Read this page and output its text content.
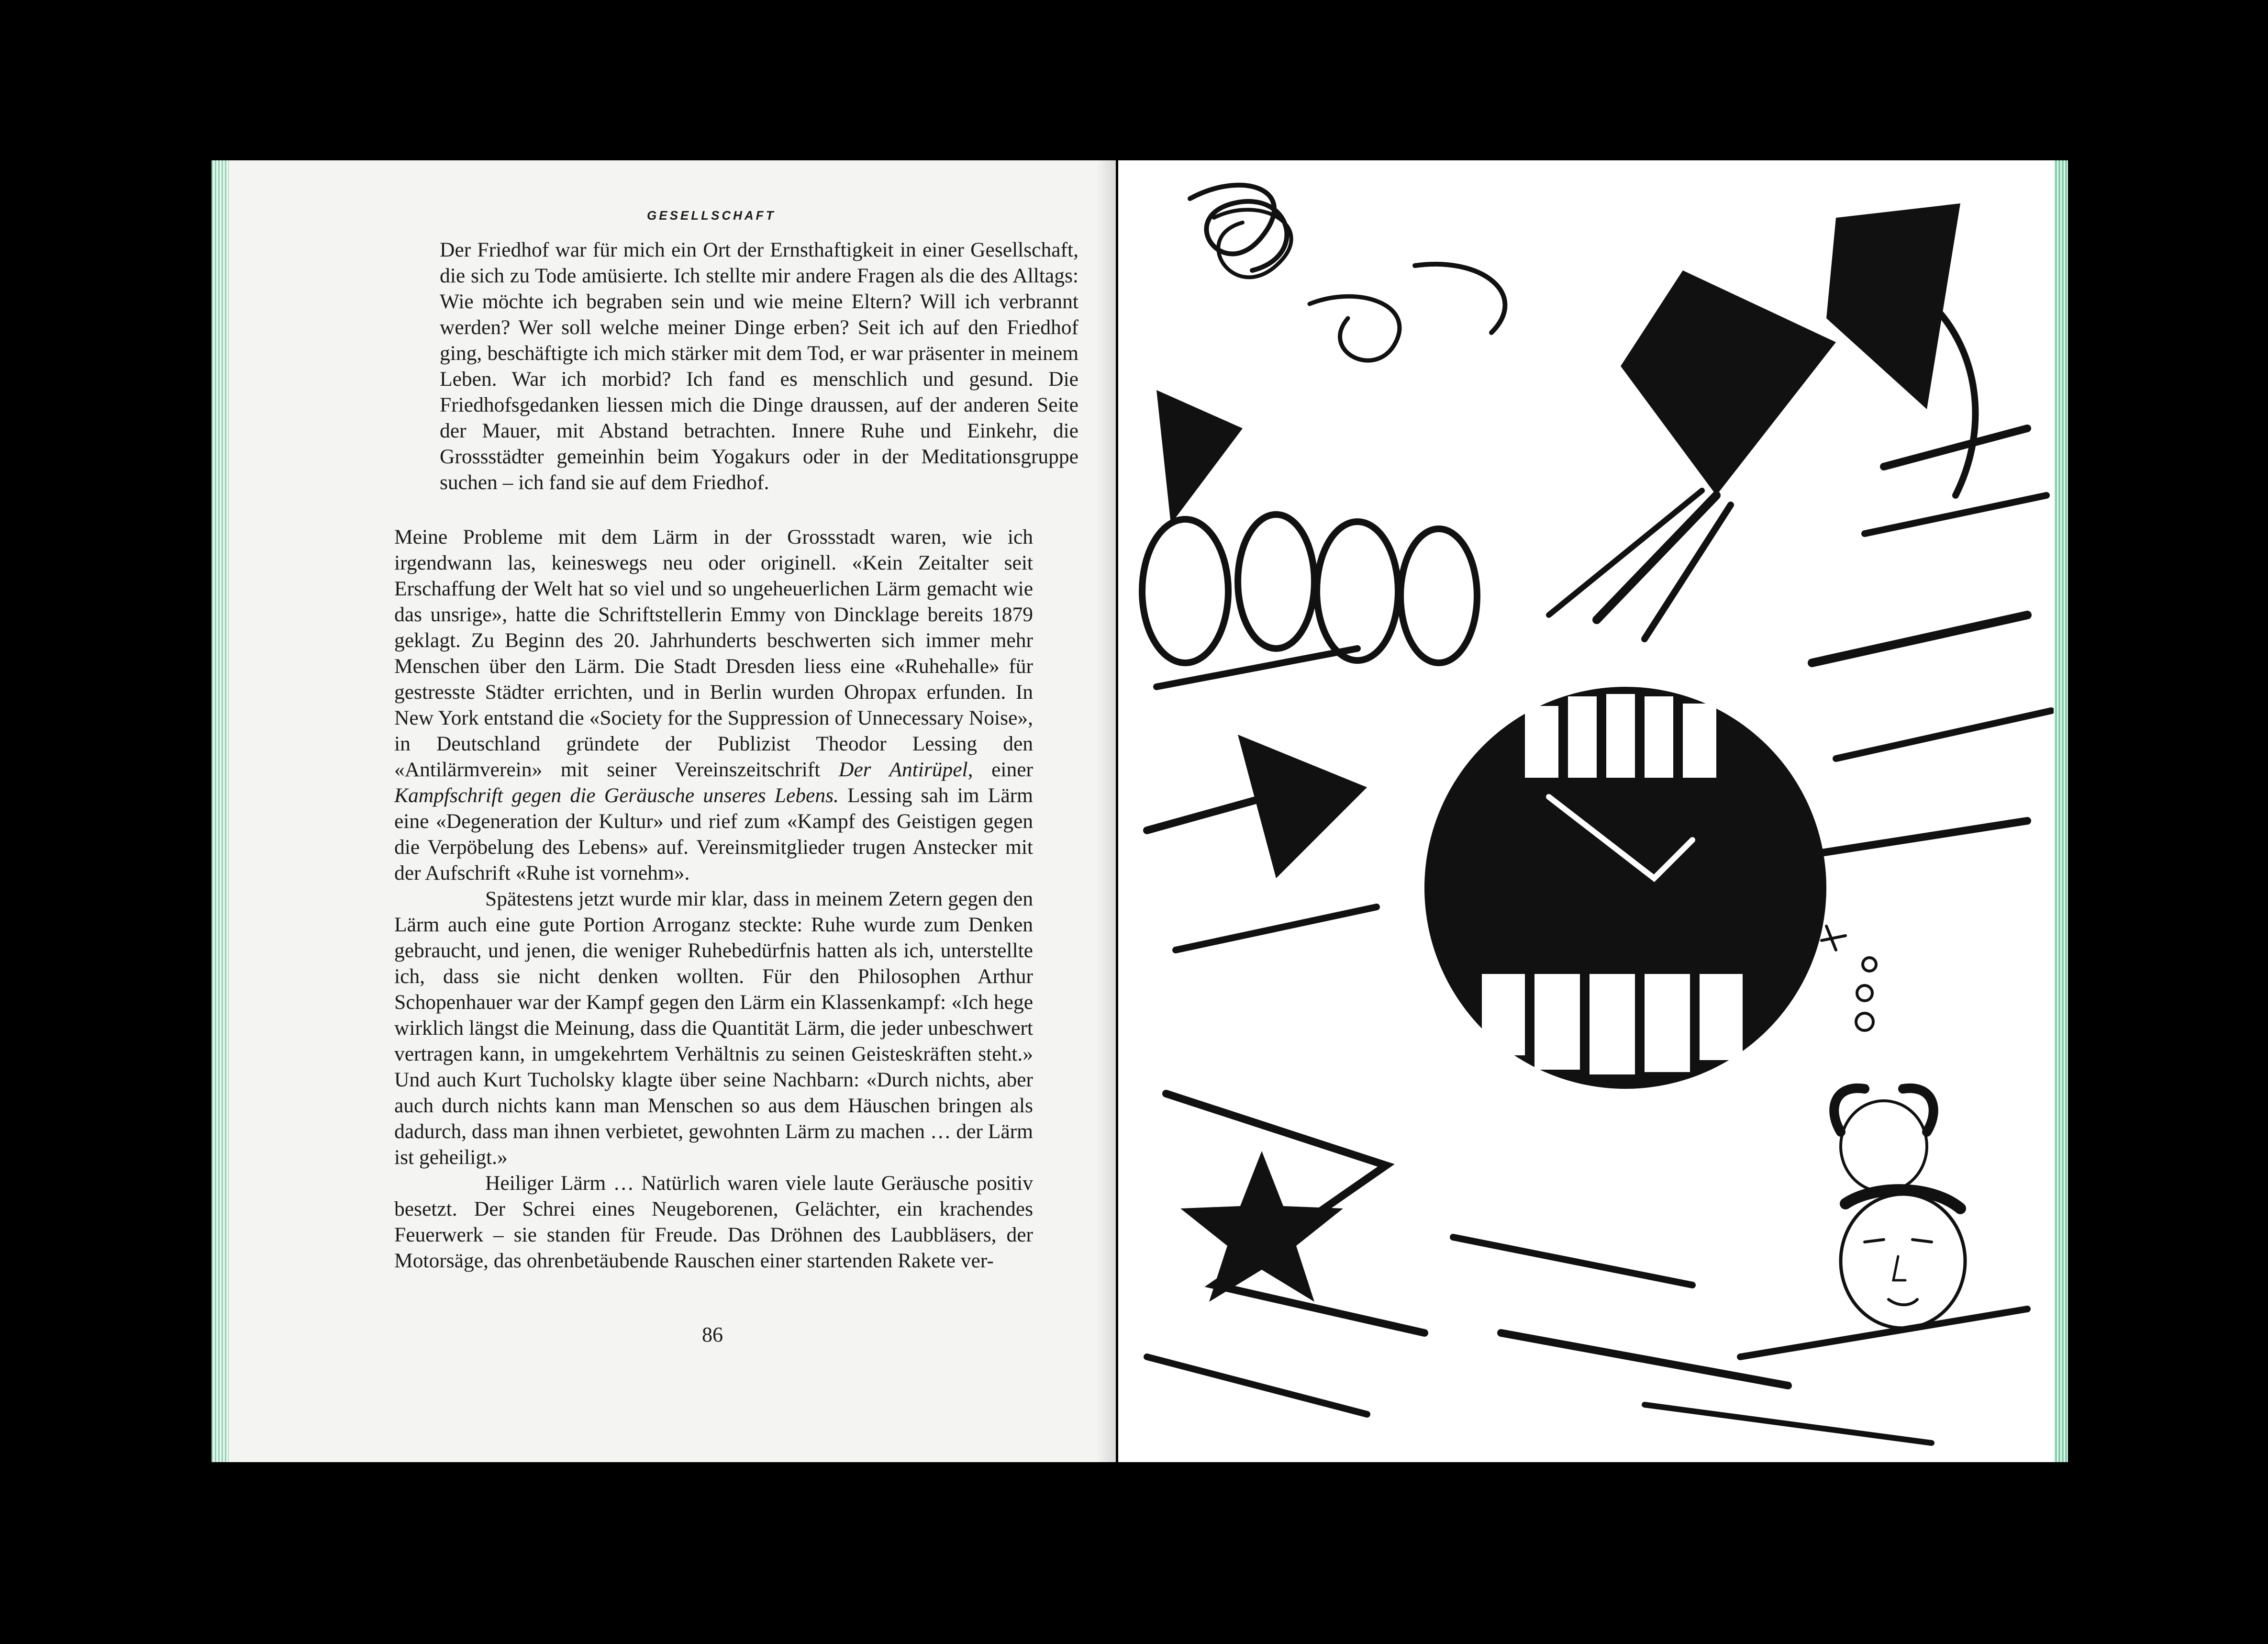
GESELLSCHAFT

Der Friedhof war für mich ein Ort der Ernsthaftigkeit in einer Gesellschaft, die sich zu Tode amüsierte. Ich stellte mir andere Fragen als die des Alltags: Wie möchte ich begraben sein und wie meine Eltern? Will ich verbrannt werden? Wer soll welche meiner Dinge erben? Seit ich auf den Friedhof ging, beschäftigte ich mich stärker mit dem Tod, er war präsenter in meinem Leben. War ich morbid? Ich fand es menschlich und gesund. Die Friedhofsgedanken liessen mich die Dinge draussen, auf der anderen Seite der Mauer, mit Abstand betrachten. Innere Ruhe und Einkehr, die Grossstädter gemeinhin beim Yogakurs oder in der Meditationsgruppe suchen – ich fand sie auf dem Friedhof.

Meine Probleme mit dem Lärm in der Grossstadt waren, wie ich irgendwann las, keineswegs neu oder originell. «Kein Zeitalter seit Erschaffung der Welt hat so viel und so ungeheuerlichen Lärm gemacht wie das unsrige», hatte die Schriftstellerin Emmy von Dincklage bereits 1879 geklagt. Zu Beginn des 20. Jahrhunderts beschwerten sich immer mehr Menschen über den Lärm. Die Stadt Dresden liess eine «Ruhehalle» für gestresste Städter errichten, und in Berlin wurden Ohropax erfunden. In New York entstand die «Society for the Suppression of Unnecessary Noise», in Deutschland gründete der Publizist Theodor Lessing den «Antilärmverein» mit seiner Vereinszeitschrift Der Antirüpel, einer Kampfschrift gegen die Geräusche unseres Lebens. Lessing sah im Lärm eine «Degeneration der Kultur» und rief zum «Kampf des Geistigen gegen die Verpöbelung des Lebens» auf. Vereinsmitglieder trugen Anstecker mit der Aufschrift «Ruhe ist vornehm».

Spätestens jetzt wurde mir klar, dass in meinem Zetern gegen den Lärm auch eine gute Portion Arroganz steckte: Ruhe wurde zum Denken gebraucht, und jenen, die weniger Ruhebedürfnis hatten als ich, unterstellte ich, dass sie nicht denken wollten. Für den Philosophen Arthur Schopenhauer war der Kampf gegen den Lärm ein Klassenkampf: «Ich hege wirklich längst die Meinung, dass die Quantität Lärm, die jeder unbeschwert vertragen kann, in umgekehrtem Verhältnis zu seinen Geisteskräften steht.» Und auch Kurt Tucholsky klagte über seine Nachbarn: «Durch nichts, aber auch durch nichts kann man Menschen so aus dem Häuschen bringen als dadurch, dass man ihnen verbietet, gewohnten Lärm zu machen … der Lärm ist geheiligt.»

Heiliger Lärm … Natürlich waren viele laute Geräusche positiv besetzt. Der Schrei eines Neugeborenen, Gelächter, ein krachendes Feuerwerk – sie standen für Freude. Das Dröhnen des Laubbläsers, der Motorsäge, das ohrenbetäubende Rauschen einer startenden Rakete ver-

86
